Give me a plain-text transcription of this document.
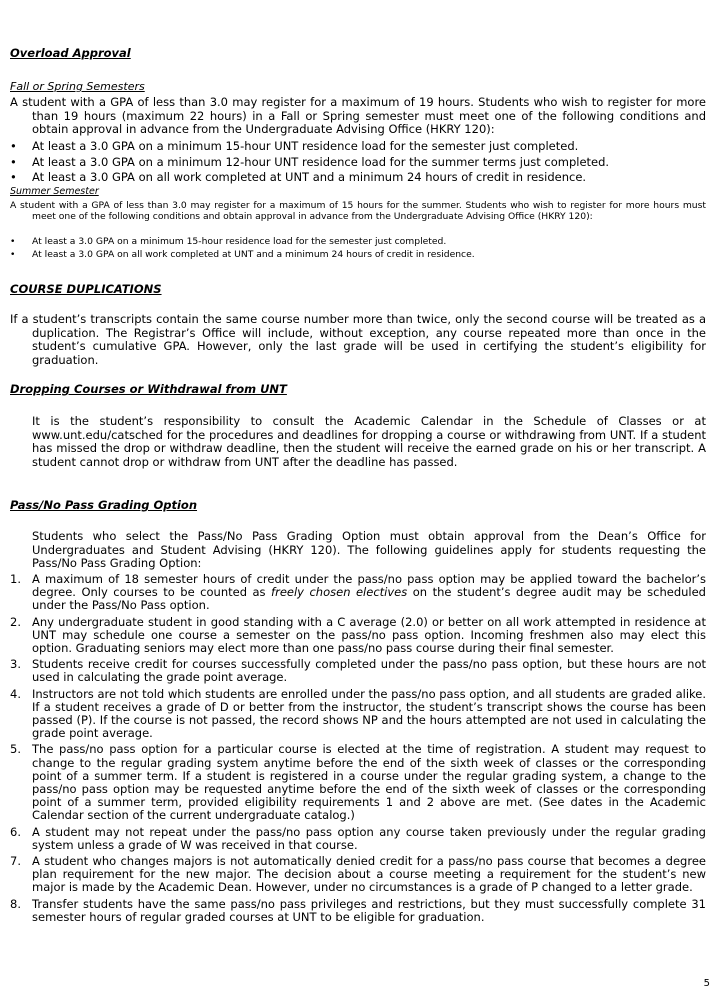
Overload Approval
Fall or Spring Semesters
A student with a GPA of less than 3.0 may register for a maximum of 19 hours. Students who wish to register for more than 19 hours (maximum 22 hours) in a Fall or Spring semester must meet one of the following conditions and obtain approval in advance from the Undergraduate Advising Office (HKRY 120):
• At least a 3.0 GPA on a minimum 15-hour UNT residence load for the semester just completed.
• At least a 3.0 GPA on a minimum 12-hour UNT residence load for the summer terms just completed.
• At least a 3.0 GPA on all work completed at UNT and a minimum 24 hours of credit in residence.
Summer Semester
A student with a GPA of less than 3.0 may register for a maximum of 15 hours for the summer. Students who wish to register for more hours must meet one of the following conditions and obtain approval in advance from the Undergraduate Advising Office (HKRY 120):
• At least a 3.0 GPA on a minimum 15-hour residence load for the semester just completed.
• At least a 3.0 GPA on all work completed at UNT and a minimum 24 hours of credit in residence.
COURSE DUPLICATIONS
If a student’s transcripts contain the same course number more than twice, only the second course will be treated as a duplication. The Registrar’s Office will include, without exception, any course repeated more than once in the student’s cumulative GPA. However, only the last grade will be used in certifying the student’s eligibility for graduation.
Dropping Courses or Withdrawal from UNT
It is the student’s responsibility to consult the Academic Calendar in the Schedule of Classes or at www.unt.edu/catsched for the procedures and deadlines for dropping a course or withdrawing from UNT. If a student has missed the drop or withdraw deadline, then the student will receive the earned grade on his or her transcript. A student cannot drop or withdraw from UNT after the deadline has passed.
Pass/No Pass Grading Option
Students who select the Pass/No Pass Grading Option must obtain approval from the Dean’s Office for Undergraduates and Student Advising (HKRY 120). The following guidelines apply for students requesting the Pass/No Pass Grading Option:
1. A maximum of 18 semester hours of credit under the pass/no pass option may be applied toward the bachelor’s degree. Only courses to be counted as freely chosen electives on the student’s degree audit may be scheduled under the Pass/No Pass option.
2. Any undergraduate student in good standing with a C average (2.0) or better on all work attempted in residence at UNT may schedule one course a semester on the pass/no pass option. Incoming freshmen also may elect this option. Graduating seniors may elect more than one pass/no pass course during their final semester.
3. Students receive credit for courses successfully completed under the pass/no pass option, but these hours are not used in calculating the grade point average.
4. Instructors are not told which students are enrolled under the pass/no pass option, and all students are graded alike. If a student receives a grade of D or better from the instructor, the student’s transcript shows the course has been passed (P). If the course is not passed, the record shows NP and the hours attempted are not used in calculating the grade point average.
5. The pass/no pass option for a particular course is elected at the time of registration. A student may request to change to the regular grading system anytime before the end of the sixth week of classes or the corresponding point of a summer term. If a student is registered in a course under the regular grading system, a change to the pass/no pass option may be requested anytime before the end of the sixth week of classes or the corresponding point of a summer term, provided eligibility requirements 1 and 2 above are met. (See dates in the Academic Calendar section of the current undergraduate catalog.)
6. A student may not repeat under the pass/no pass option any course taken previously under the regular grading system unless a grade of W was received in that course.
7. A student who changes majors is not automatically denied credit for a pass/no pass course that becomes a degree plan requirement for the new major. The decision about a course meeting a requirement for the student’s new major is made by the Academic Dean. However, under no circumstances is a grade of P changed to a letter grade.
8. Transfer students have the same pass/no pass privileges and restrictions, but they must successfully complete 31 semester hours of regular graded courses at UNT to be eligible for graduation.
5
